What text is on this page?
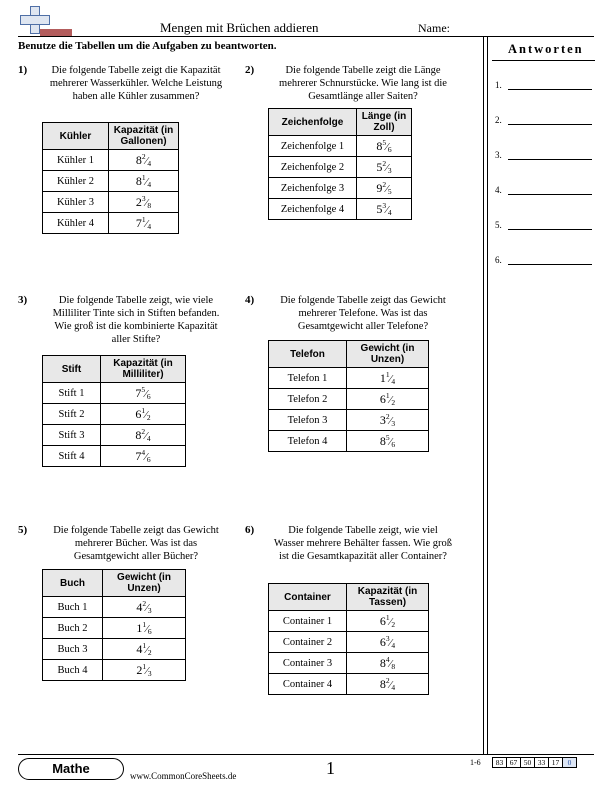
Mengen mit Brüchen addieren	Name:
Benutze die Tabellen um die Aufgaben zu beantworten.	Antworten
1.
2.
3.
4.
5.
6.
1)	Die folgende Tabelle zeigt die Kapazität mehrerer Wasserkühler. Welche Leistung haben alle Kühler zusammen?
Kühler	Kapazität (in Gallonen)
Kühler 1	$8^2⁄4$
Kühler 2	$8^1⁄4$
Kühler 3	$2^3⁄8$
Kühler 4	$7^1⁄4$
2)	Die folgende Tabelle zeigt die Länge mehrerer Schnurstücke. Wie lang ist die Gesamtlänge aller Saiten?
Zeichenfolge	Länge (in Zoll)
Zeichenfolge 1	$8^5⁄6$
Zeichenfolge 2	$5^2⁄3$
Zeichenfolge 3	$9^2⁄5$
Zeichenfolge 4	$5^3⁄4$
3)	Die folgende Tabelle zeigt, wie viele Milliliter Tinte sich in Stiften befanden. Wie groß ist die kombinierte Kapazität aller Stifte?
Stift	Kapazität (in Milliliter)
Stift 1	$7^5⁄6$
Stift 2	$6^1⁄2$
Stift 3	$8^2⁄4$
Stift 4	$7^4⁄6$
4)	Die folgende Tabelle zeigt das Gewicht mehrerer Telefone. Was ist das Gesamtgewicht aller Telefone?
Telefon	Gewicht (in Unzen)
Telefon 1	$1^1⁄4$
Telefon 2	$6^1⁄2$
Telefon 3	$3^2⁄3$
Telefon 4	$8^5⁄6$
5)	Die folgende Tabelle zeigt das Gewicht mehrerer Bücher. Was ist das Gesamtgewicht aller Bücher?
Buch	Gewicht (in Unzen)
Buch 1	$4^2⁄3$
Buch 2	$1^1⁄6$
Buch 3	$4^1⁄2$
Buch 4	$2^1⁄3$
6)	Die folgende Tabelle zeigt, wie viel Wasser mehrere Behälter fassen. Wie groß ist die Gesamtkapazität aller Container?
Container	Kapazität (in Tassen)
Container 1	$6^1⁄2$
Container 2	$6^3⁄4$
Container 3	$8^4⁄8$
Container 4	$8^2⁄4$
Mathe	www.CommonCoreSheets.de	1	1-6	83 67 50 33 17	0
